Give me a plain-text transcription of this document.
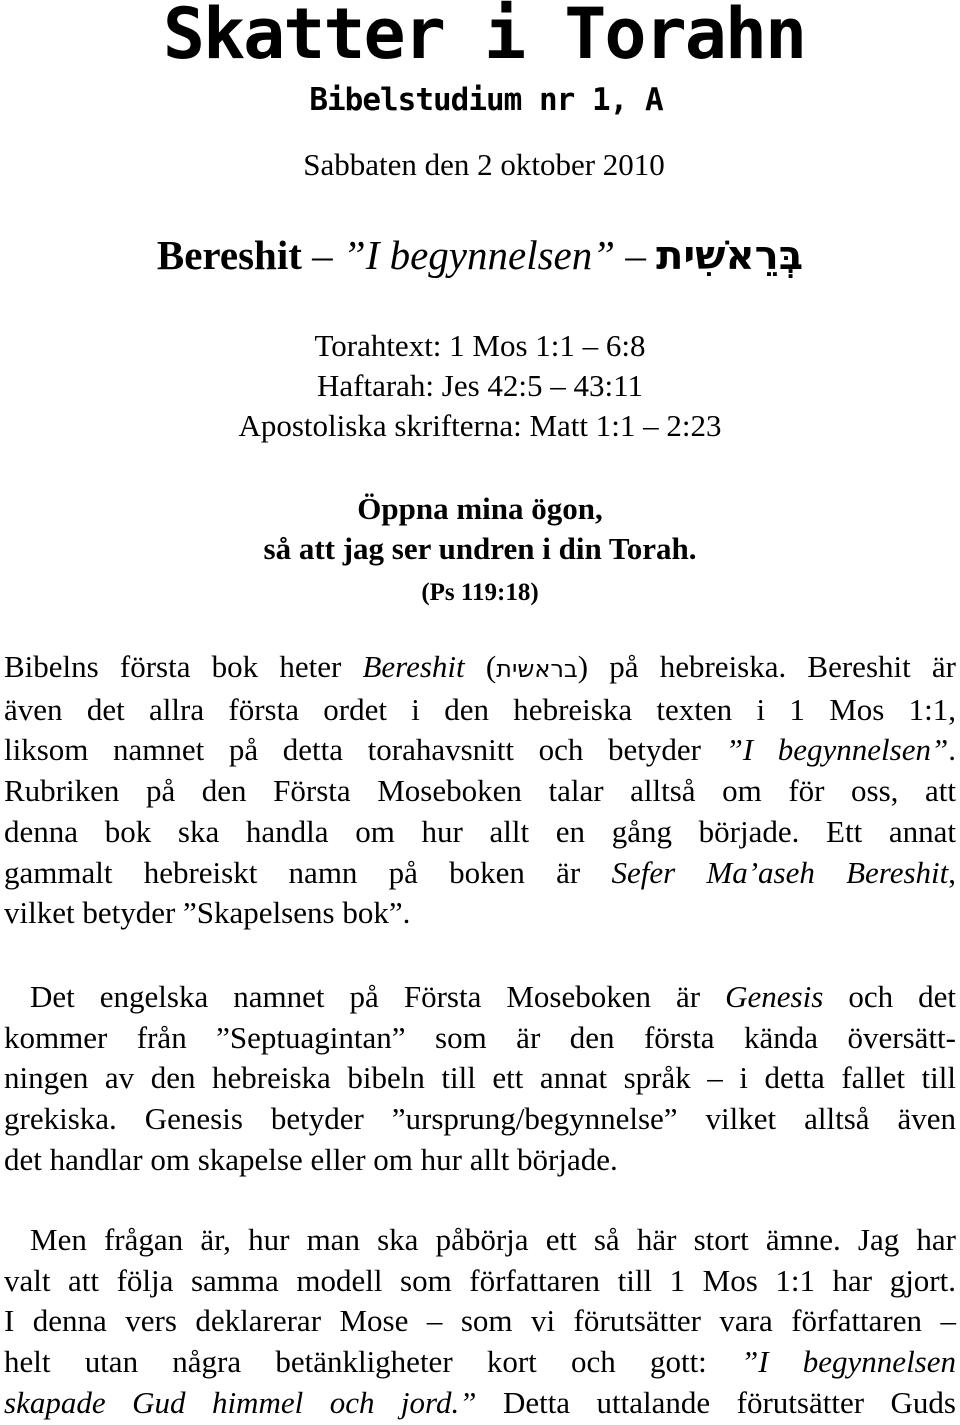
Skatter i Torahn
Bibelstudium nr 1, A
Sabbaten den 2 oktober 2010
Bereshit – ”I begynnelsen” – בְּרֵאשִׁית
Torahtext: 1 Mos 1:1 – 6:8
Haftarah: Jes 42:5 – 43:11
Apostoliska skrifterna: Matt 1:1 – 2:23
Öppna mina ögon,
så att jag ser undren i din Torah.
(Ps 119:18)
Bibelns första bok heter Bereshit (בראשית) på hebreiska. Bereshit är
även det allra första ordet i den hebreiska texten i 1 Mos 1:1,
liksom namnet på detta torahavsnitt och betyder ”I begynnelsen”.
Rubriken på den Första Moseboken talar alltså om för oss, att
denna bok ska handla om hur allt en gång började. Ett annat
gammalt hebreiskt namn på boken är Sefer Ma’aseh Bereshit,
vilket betyder ”Skapelsens bok”.
Det engelska namnet på Första Moseboken är Genesis och det
kommer från ”Septuagintan” som är den första kända översätt-
ningen av den hebreiska bibeln till ett annat språk – i detta fallet till
grekiska. Genesis betyder ”ursprung/begynnelse” vilket alltså även
det handlar om skapelse eller om hur allt började.
Men frågan är, hur man ska påbörja ett så här stort ämne. Jag har
valt att följa samma modell som författaren till 1 Mos 1:1 har gjort.
I denna vers deklarerar Mose – som vi förutsätter vara författaren –
helt utan några betänkligheter kort och gott: ”I begynnelsen
skapade Gud himmel och jord.” Detta uttalande förutsätter Guds
